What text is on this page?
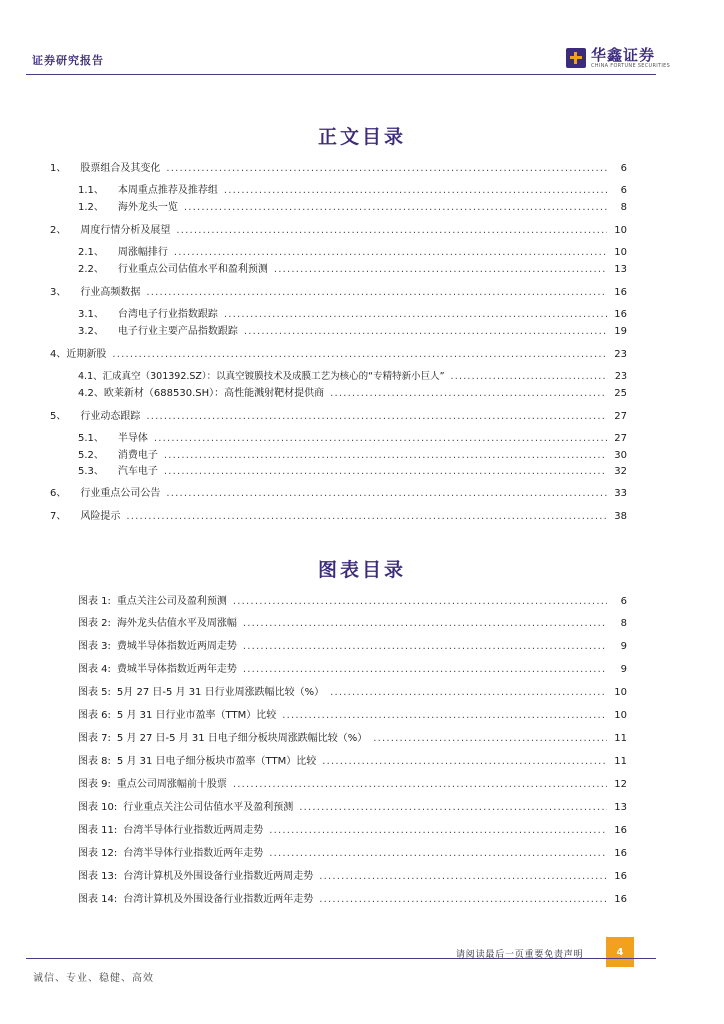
证券研究报告	华鑫证券
CHINA FORTUNE SECURITIES
正文目录
1、	股票组合及其变化 .....	6
1.1、	本周重点推荐及推荐组 .....	6
1.2、	海外龙头一览 .....	8
2、	周度行情分析及展望 .....	10
2.1、	周涨幅排行 .....	10
2.2、	行业重点公司估值水平和盈利预测 .....	13
3、	行业高频数据 .....	16
3.1、	台湾电子行业指数跟踪 .....	16
3.2、	电子行业主要产品指数跟踪 .....	19
4、 近期新股 .....	23
4.1、 汇成真空（301392.SZ）：以真空镀膜技术及成膜工艺为核心的“专精特新小巨人” .....	23
4.2、 欧莱新材（688530.SH）：高性能溅射靶材提供商 .....	25
5、	行业动态跟踪 .....	27
5.1、	半导体 .....	27
5.2、	消费电子 .....	30
5.3、	汽车电子 .....	32
6、	行业重点公司公告 .....	33
7、	风险提示 .....	38
图表目录
图表 1: 重点关注公司及盈利预测 .....	6
图表 2: 海外龙头估值水平及周涨幅 .....	8
图表 3: 费城半导体指数近两周走势 .....	9
图表 4: 费城半导体指数近两年走势 .....	9
图表 5: 5月 27 日-5 月 31 日行业周涨跌幅比较（%） .....	10
图表 6: 5 月 31 日行业市盈率（TTM）比较 .....	10
图表 7: 5 月 27 日-5 月 31 日电子细分板块周涨跌幅比较（%） .....	11
图表 8: 5 月 31 日电子细分板块市盈率（TTM）比较 .....	11
图表 9: 重点公司周涨幅前十股票 .....	12
图表 10: 行业重点关注公司估值水平及盈利预测 .....	13
图表 11: 台湾半导体行业指数近两周走势 .....	16
图表 12: 台湾半导体行业指数近两年走势 .....	16
图表 13: 台湾计算机及外围设备行业指数近两周走势 .....	16
图表 14: 台湾计算机及外围设备行业指数近两年走势 .....	16
请阅读最后一页重要免责声明	4
诚信、专业、稳健、高效
